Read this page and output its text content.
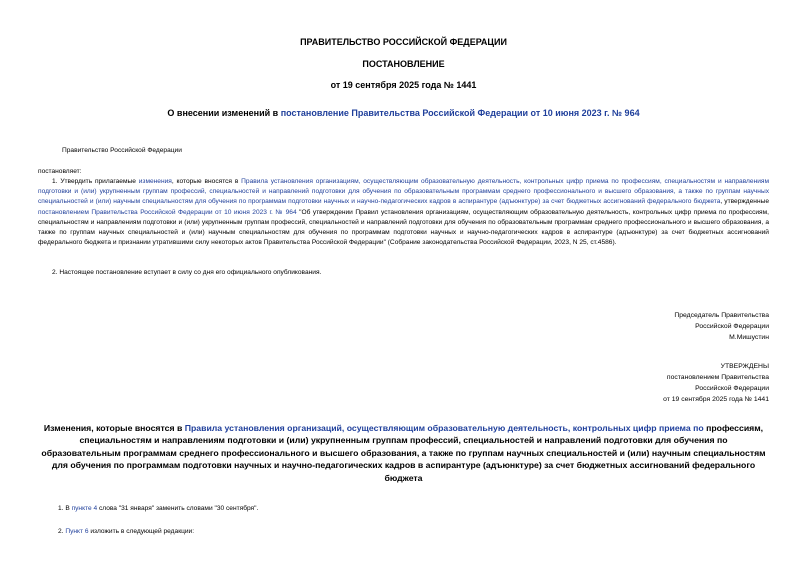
ПРАВИТЕЛЬСТВО РОССИЙСКОЙ ФЕДЕРАЦИИ
ПОСТАНОВЛЕНИЕ
от 19 сентября 2025 года № 1441
О внесении изменений в постановление Правительства Российской Федерации от 10 июня 2023 г. № 964
Правительство Российской Федерации
постановляет:
1. Утвердить прилагаемые изменения, которые вносятся в Правила установления организациям, осуществляющим образовательную деятельность, контрольных цифр приема по профессиям, специальностям и направлениям подготовки и (или) укрупненным группам профессий, специальностей и направлений подготовки для обучения по образовательным программам среднего профессионального и высшего образования, а также по группам научных специальностей и (или) научным специальностям для обучения по программам подготовки научных и научно-педагогических кадров в аспирантуре (адъюнктуре) за счет бюджетных ассигнований федерального бюджета, утвержденные постановлением Правительства Российской Федерации от 10 июня 2023 г. № 964 "Об утверждении Правил установления организациям, осуществляющим образовательную деятельность, контрольных цифр приема по профессиям, специальностям и направлениям подготовки и (или) укрупненным группам профессий, специальностей и направлений подготовки для обучения по образовательным программам среднего профессионального и высшего образования, а также по группам научных специальностей и (или) научным специальностям для обучения по программам подготовки научных и научно-педагогических кадров в аспирантуре (адъюнктуре) за счет бюджетных ассигнований федерального бюджета и признании утратившими силу некоторых актов Правительства Российской Федерации" (Собрание законодательства Российской Федерации, 2023, N 25, ст.4586).
2. Настоящее постановление вступает в силу со дня его официального опубликования.
Председатель Правительства
Российской Федерации
М.Мишустин
УТВЕРЖДЕНЫ
постановлением Правительства
Российской Федерации
от 19 сентября 2025 года № 1441
Изменения, которые вносятся в Правила установления организаций, осуществляющим образовательную деятельность, контрольных цифр приема по профессиям, специальностям и направлениям подготовки и (или) укрупненным группам профессий, специальностей и направлений подготовки для обучения по образовательным программам среднего профессионального и высшего образования, а также по группам научных специальностей и (или) научным специальностям для обучения по программам подготовки научных и научно-педагогических кадров в аспирантуре (адъюнктуре) за счет бюджетных ассигнований федерального бюджета
1. В пункте 4 слова "31 января" заменить словами "30 сентября".
2. Пункт 6 изложить в следующей редакции:
